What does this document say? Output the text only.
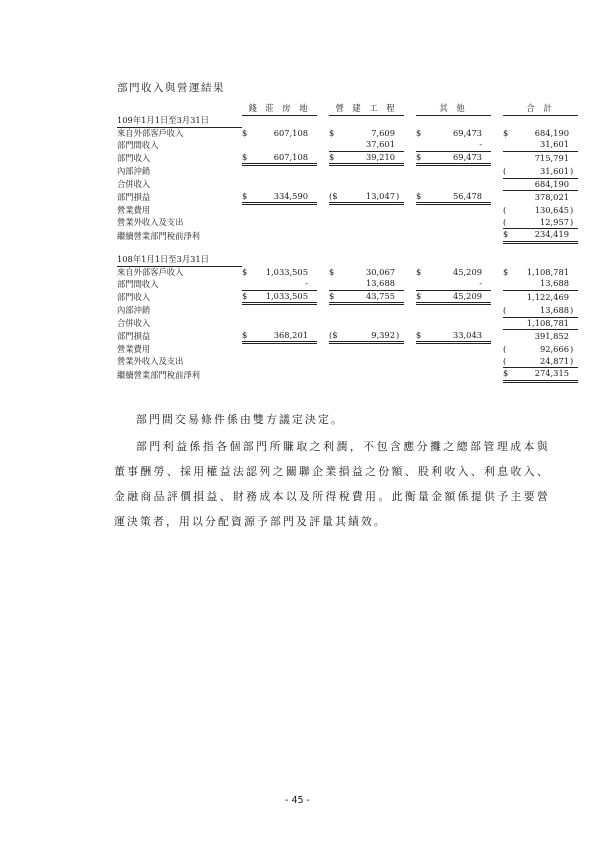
部門收入與營運結果
	錢 莊 房 地				營 建 工 程				其 他				合 計		
109年1月1日至3月31日															
來自外部客戶收入	$	607,108			$	7,609			$	69,473			$	684,190	
部門間收入						37,601				-				31,601	
部門收入	$	607,108			$	39,210			$	69,473				715,791	
內部沖銷													(	31,601	)
合併收入														684,190	
部門損益	$	334,590			($	13,047	)		$	56,478				378,021	
營業費用													(	130,645	)
營業外收入及支出													(	12,957	)
繼續營業部門稅前淨利													$	234,419	

108年1月1日至3月31日															
來自外部客戶收入	$	1,033,505			$	30,067			$	45,209			$	1,108,781	
部門間收入		-				13,688				-				13,688	
部門收入	$	1,033,505			$	43,755			$	45,209				1,122,469	
內部沖銷													(	13,688	)
合併收入														1,108,781	
部門損益	$	368,201			($	9,392	)		$	33,043				391,852	
營業費用													(	92,666	)
營業外收入及支出													(	24,871	)
繼續營業部門稅前淨利													$	274,315	

部門間交易條件係由雙方議定決定。

部門利益係指各個部門所賺取之利潤，不包含應分攤之總部管理成本與董事酬勞、採用權益法認列之關聯企業損益之份額、股利收入、利息收入、金融商品評價損益、財務成本以及所得稅費用。此衡量金額係提供予主要營運決策者，用以分配資源予部門及評量其績效。

- 45 -
